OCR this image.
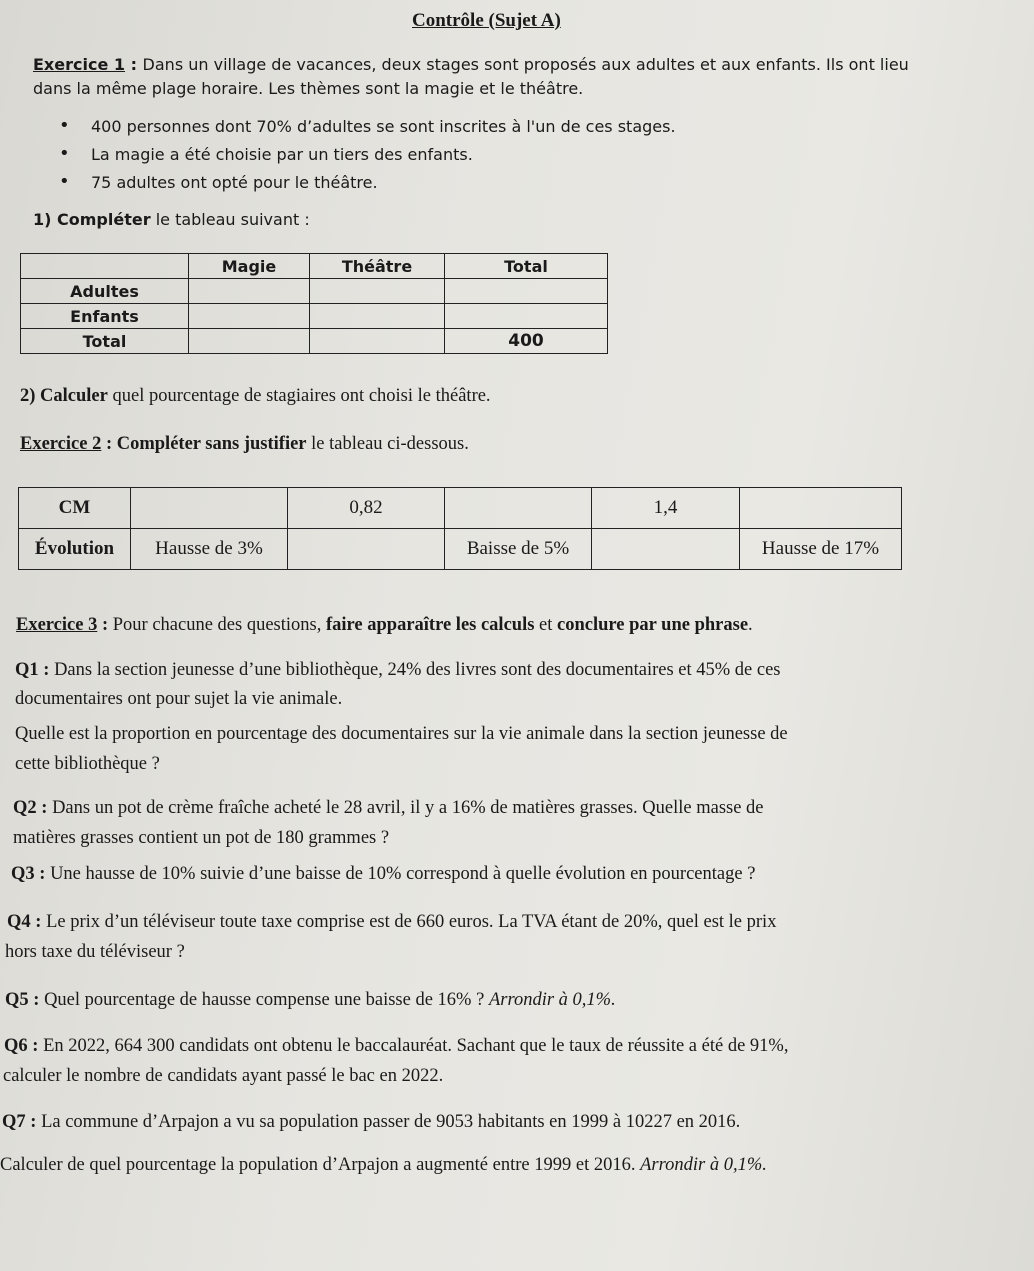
Contrôle (Sujet A)
Exercice 1 : Dans un village de vacances, deux stages sont proposés aux adultes et aux enfants. Ils ont lieu
dans la même plage horaire. Les thèmes sont la magie et le théâtre.
• 400 personnes dont 70% d’adultes se sont inscrites à l'un de ces stages.
• La magie a été choisie par un tiers des enfants.
• 75 adultes ont opté pour le théâtre.
1) Compléter le tableau suivant :
	Magie	Théâtre	Total
Adultes			
Enfants			
Total			400
2) Calculer quel pourcentage de stagiaires ont choisi le théâtre.
Exercice 2 : Compléter sans justifier le tableau ci-dessous.
CM		0,82		1,4	
Évolution	Hausse de 3%		Baisse de 5%		Hausse de 17%
Exercice 3 : Pour chacune des questions, faire apparaître les calculs et conclure par une phrase.
Q1 : Dans la section jeunesse d’une bibliothèque, 24% des livres sont des documentaires et 45% de ces
documentaires ont pour sujet la vie animale.
Quelle est la proportion en pourcentage des documentaires sur la vie animale dans la section jeunesse de
cette bibliothèque ?
Q2 : Dans un pot de crème fraîche acheté le 28 avril, il y a 16% de matières grasses. Quelle masse de
matières grasses contient un pot de 180 grammes ?
Q3 : Une hausse de 10% suivie d’une baisse de 10% correspond à quelle évolution en pourcentage ?
Q4 : Le prix d’un téléviseur toute taxe comprise est de 660 euros. La TVA étant de 20%, quel est le prix
hors taxe du téléviseur ?
Q5 : Quel pourcentage de hausse compense une baisse de 16% ? Arrondir à 0,1%.
Q6 : En 2022, 664 300 candidats ont obtenu le baccalauréat. Sachant que le taux de réussite a été de 91%,
calculer le nombre de candidats ayant passé le bac en 2022.
Q7 : La commune d’Arpajon a vu sa population passer de 9053 habitants en 1999 à 10227 en 2016.
Calculer de quel pourcentage la population d’Arpajon a augmenté entre 1999 et 2016. Arrondir à 0,1%.
